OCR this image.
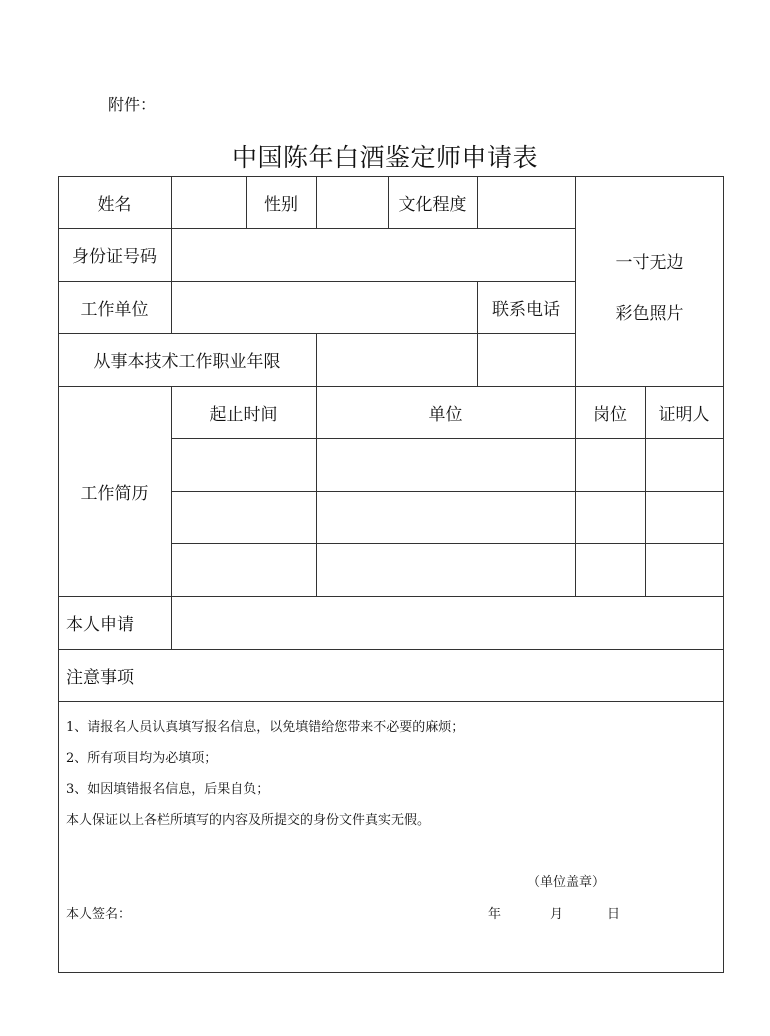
附件：
中国陈年白酒鉴定师申请表
姓名	性别	文化程度
一寸无边
彩色照片
身份证号码
工作单位	联系电话
从事本技术工作职业年限
工作简历
起止时间	单位	岗位	证明人
本人申请
注意事项
1、请报名人员认真填写报名信息，以免填错给您带来不必要的麻烦；
2、所有项目均为必填项；
3、如因填错报名信息，后果自负；
本人保证以上各栏所填写的内容及所提交的身份文件真实无假。
（单位盖章）
本人签名：	年	月	日
